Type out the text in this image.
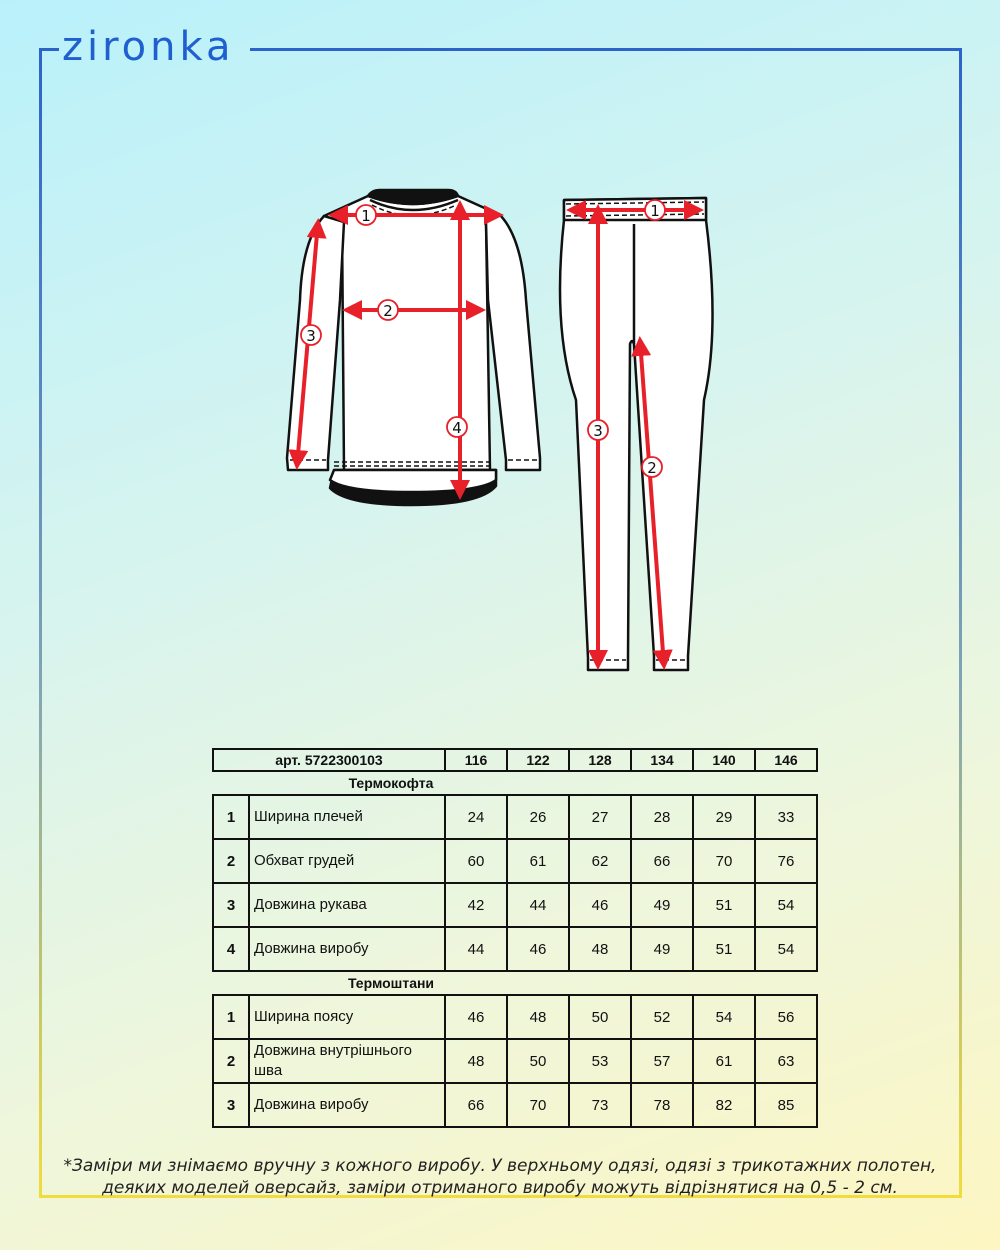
zironka
1
2
3
4
1
2
3
арт. 5722300103		116	122	128	134	140	146
Термокофта							
1	Ширина плечей	24	26	27	28	29	33
2	Обхват грудей	60	61	62	66	70	76
3	Довжина рукава	42	44	46	49	51	54
4	Довжина виробу	44	46	48	49	51	54
Термоштани							
1	Ширина поясу	46	48	50	52	54	56
2	Довжина внутрішнього шва	48	50	53	57	61	63
3	Довжина виробу	66	70	73	78	82	85
*Заміри ми знімаємо вручну з кожного виробу. У верхньому одязі, одязі з трикотажних полотен,
деяких моделей оверсайз, заміри отриманого виробу можуть відрізнятися на 0,5 - 2 см.
